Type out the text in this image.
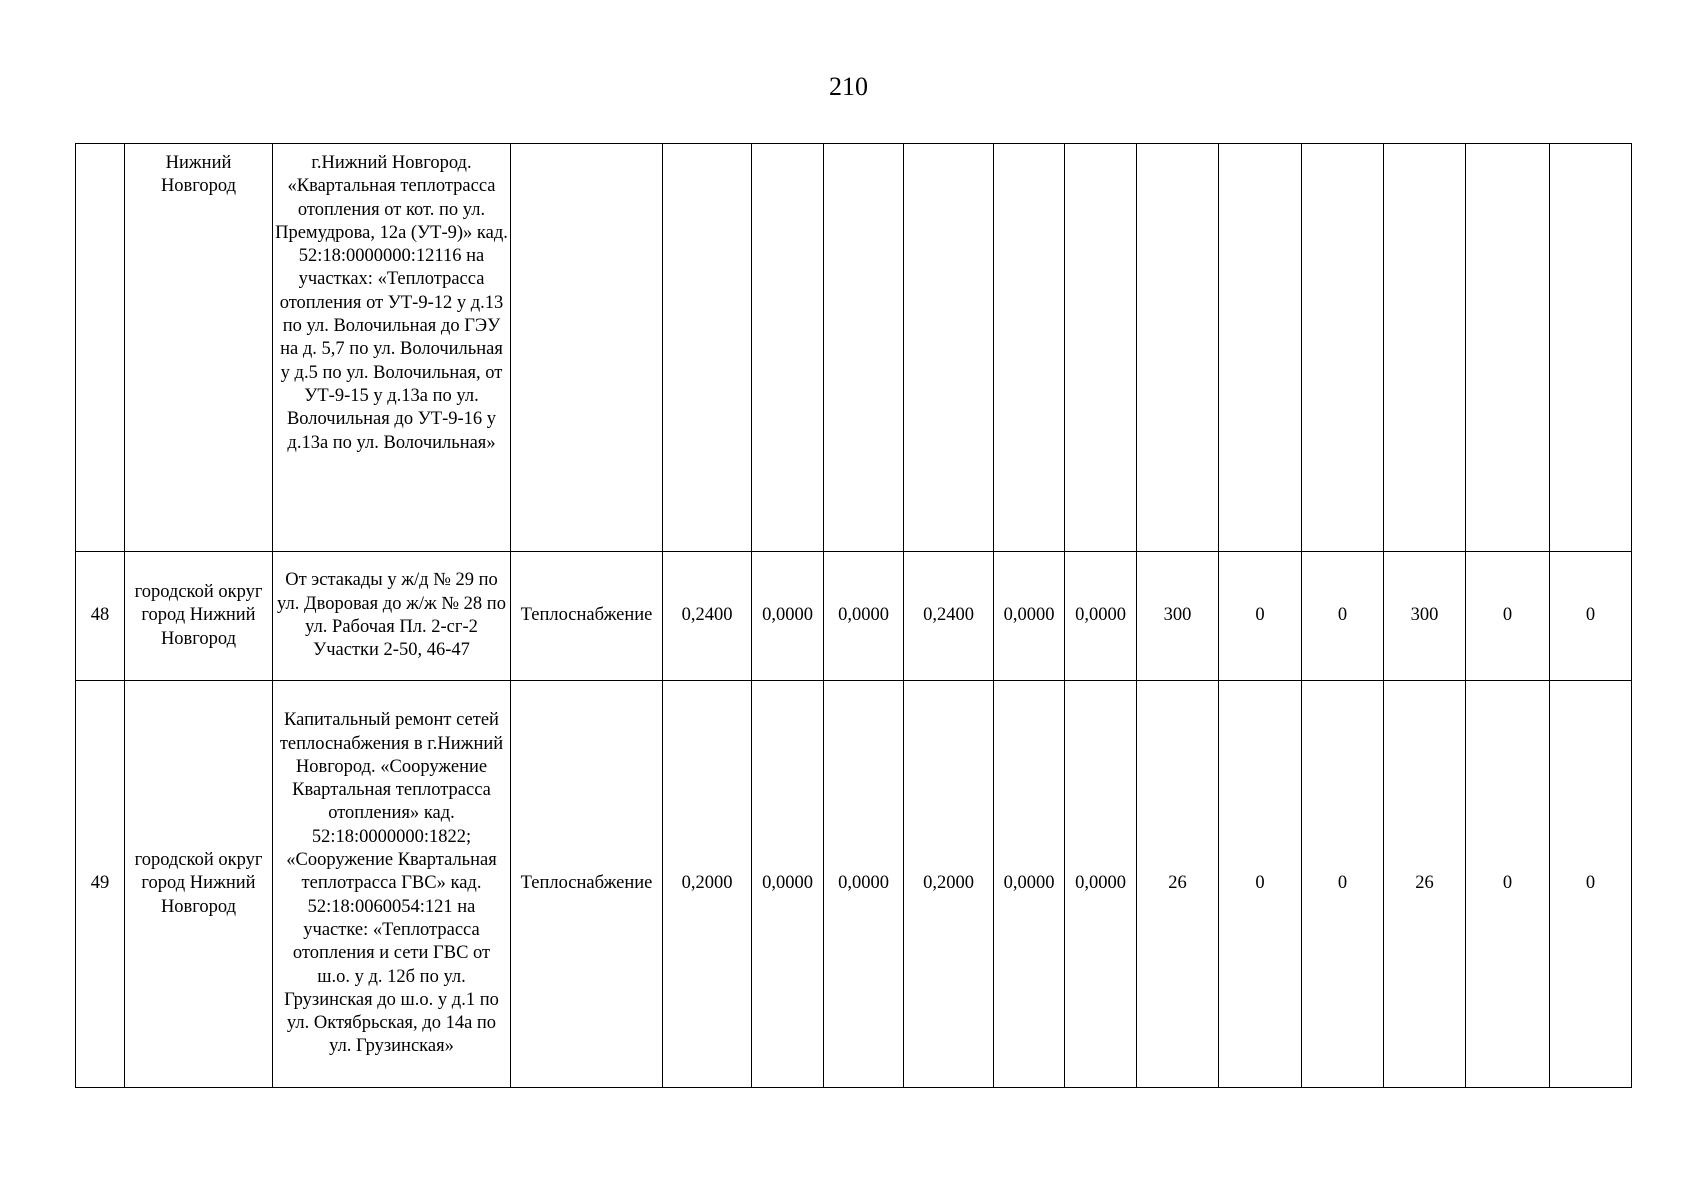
210
	Нижний Новгород	г.Нижний Новгород. «Квартальная теплотрасса отопления от кот. по ул. Премудрова, 12а (УТ-9)» кад. 52:18:0000000:12116 на участках: «Теплотрасса отопления от УТ-9-12 у д.13 по ул. Волочильная до ГЭУ на д. 5,7 по ул. Волочильная у д.5 по ул. Волочильная, от УТ-9-15 у д.13а по ул. Волочильная до УТ-9-16 у д.13а по ул. Волочильная»													
48	городской округ город Нижний Новгород	От эстакады у ж/д № 29 по ул. Дворовая до ж/ж № 28 по ул. Рабочая Пл. 2-сг-2 Участки 2-50, 46-47	Теплоснабжение	0,2400	0,0000	0,0000	0,2400	0,0000	0,0000	300	0	0	300	0	0
49	городской округ город Нижний Новгород	Капитальный ремонт сетей теплоснабжения в г.Нижний Новгород. «Сооружение Квартальная теплотрасса отопления» кад. 52:18:0000000:1822; «Сооружение Квартальная теплотрасса ГВС» кад. 52:18:0060054:121 на участке: «Теплотрасса отопления и сети ГВС от ш.о. у д. 12б по ул. Грузинская до ш.о. у д.1 по ул. Октябрьская, до 14а по ул. Грузинская»	Теплоснабжение	0,2000	0,0000	0,0000	0,2000	0,0000	0,0000	26	0	0	26	0	0
